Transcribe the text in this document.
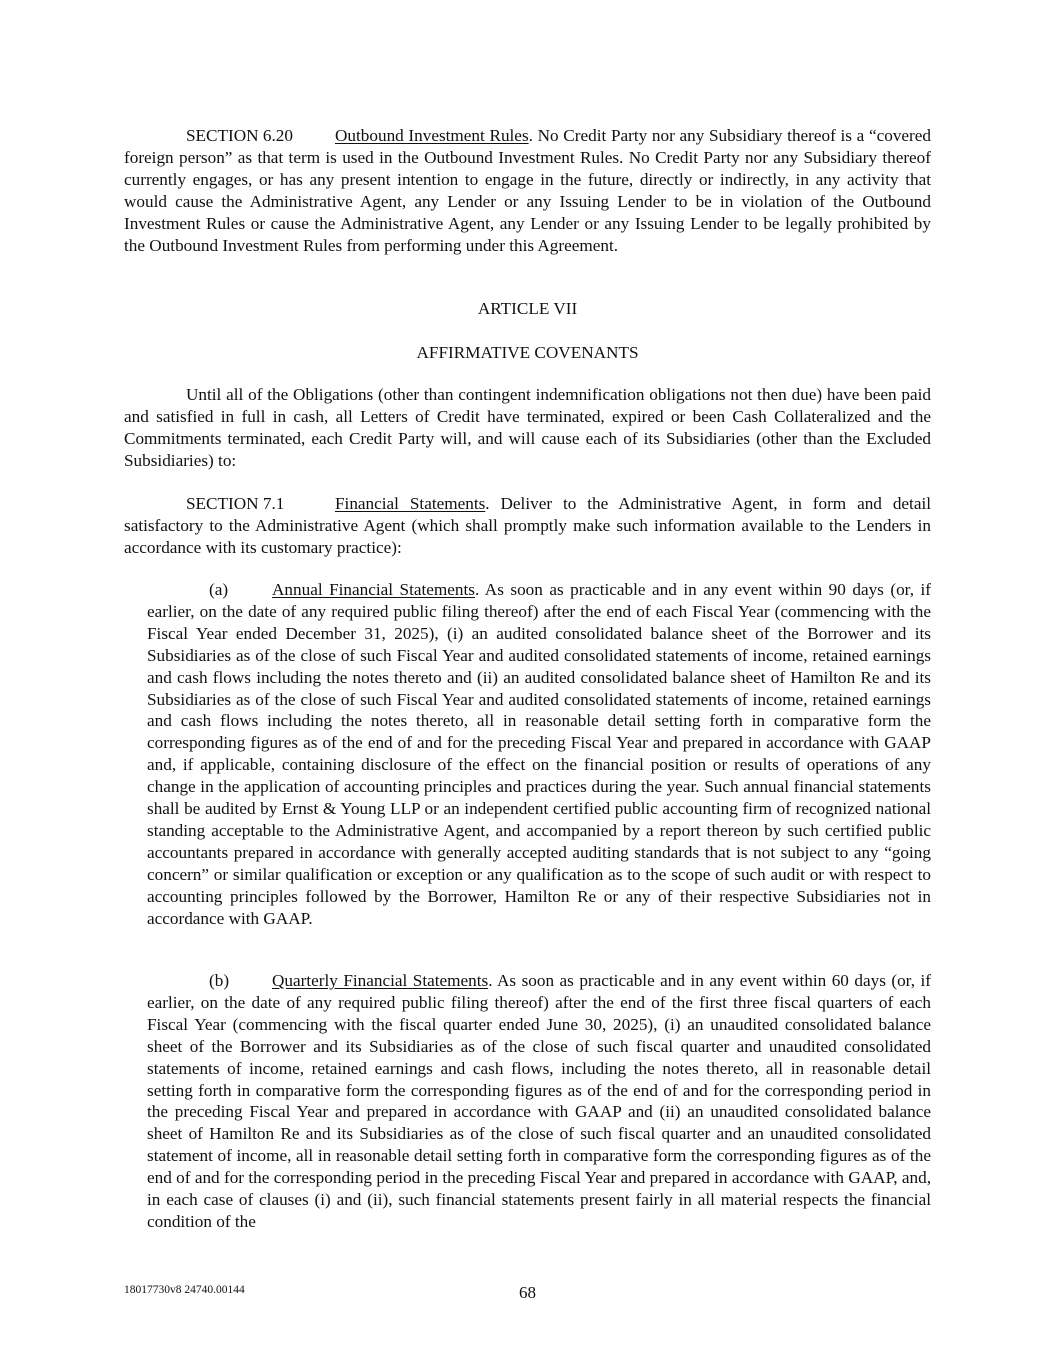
SECTION 6.20 Outbound Investment Rules. No Credit Party nor any Subsidiary thereof is a “covered foreign person” as that term is used in the Outbound Investment Rules. No Credit Party nor any Subsidiary thereof currently engages, or has any present intention to engage in the future, directly or indirectly, in any activity that would cause the Administrative Agent, any Lender or any Issuing Lender to be in violation of the Outbound Investment Rules or cause the Administrative Agent, any Lender or any Issuing Lender to be legally prohibited by the Outbound Investment Rules from performing under this Agreement.

ARTICLE VII

AFFIRMATIVE COVENANTS

Until all of the Obligations (other than contingent indemnification obligations not then due) have been paid and satisfied in full in cash, all Letters of Credit have terminated, expired or been Cash Collateralized and the Commitments terminated, each Credit Party will, and will cause each of its Subsidiaries (other than the Excluded Subsidiaries) to:

SECTION 7.1	Financial Statements. Deliver to the Administrative Agent, in form and detail satisfactory to the Administrative Agent (which shall promptly make such information available to the Lenders in accordance with its customary practice):

(a)	Annual Financial Statements. As soon as practicable and in any event within 90 days (or, if earlier, on the date of any required public filing thereof) after the end of each Fiscal Year (commencing with the Fiscal Year ended December 31, 2025), (i) an audited consolidated balance sheet of the Borrower and its Subsidiaries as of the close of such Fiscal Year and audited consolidated statements of income, retained earnings and cash flows including the notes thereto and (ii) an audited consolidated balance sheet of Hamilton Re and its Subsidiaries as of the close of such Fiscal Year and audited consolidated statements of income, retained earnings and cash flows including the notes thereto, all in reasonable detail setting forth in comparative form the corresponding figures as of the end of and for the preceding Fiscal Year and prepared in accordance with GAAP and, if applicable, containing disclosure of the effect on the financial position or results of operations of any change in the application of accounting principles and practices during the year. Such annual financial statements shall be audited by Ernst & Young LLP or an independent certified public accounting firm of recognized national standing acceptable to the Administrative Agent, and accompanied by a report thereon by such certified public accountants prepared in accordance with generally accepted auditing standards that is not subject to any “going concern” or similar qualification or exception or any qualification as to the scope of such audit or with respect to accounting principles followed by the Borrower, Hamilton Re or any of their respective Subsidiaries not in accordance with GAAP.

(b) Quarterly Financial Statements. As soon as practicable and in any event within 60 days (or, if earlier, on the date of any required public filing thereof) after the end of the first three fiscal quarters of each Fiscal Year (commencing with the fiscal quarter ended June 30, 2025), (i) an unaudited consolidated balance sheet of the Borrower and its Subsidiaries as of the close of such fiscal quarter and unaudited consolidated statements of income, retained earnings and cash flows, including the notes thereto, all in reasonable detail setting forth in comparative form the corresponding figures as of the end of and for the corresponding period in the preceding Fiscal Year and prepared in accordance with GAAP and (ii) an unaudited consolidated balance sheet of Hamilton Re and its Subsidiaries as of the close of such fiscal quarter and an unaudited consolidated statement of income, all in reasonable detail setting forth in comparative form the corresponding figures as of the end of and for the corresponding period in the preceding Fiscal Year and prepared in accordance with GAAP, and, in each case of clauses (i) and (ii), such financial statements present fairly in all material respects the financial condition of the

18017730v8 24740.00144	68
